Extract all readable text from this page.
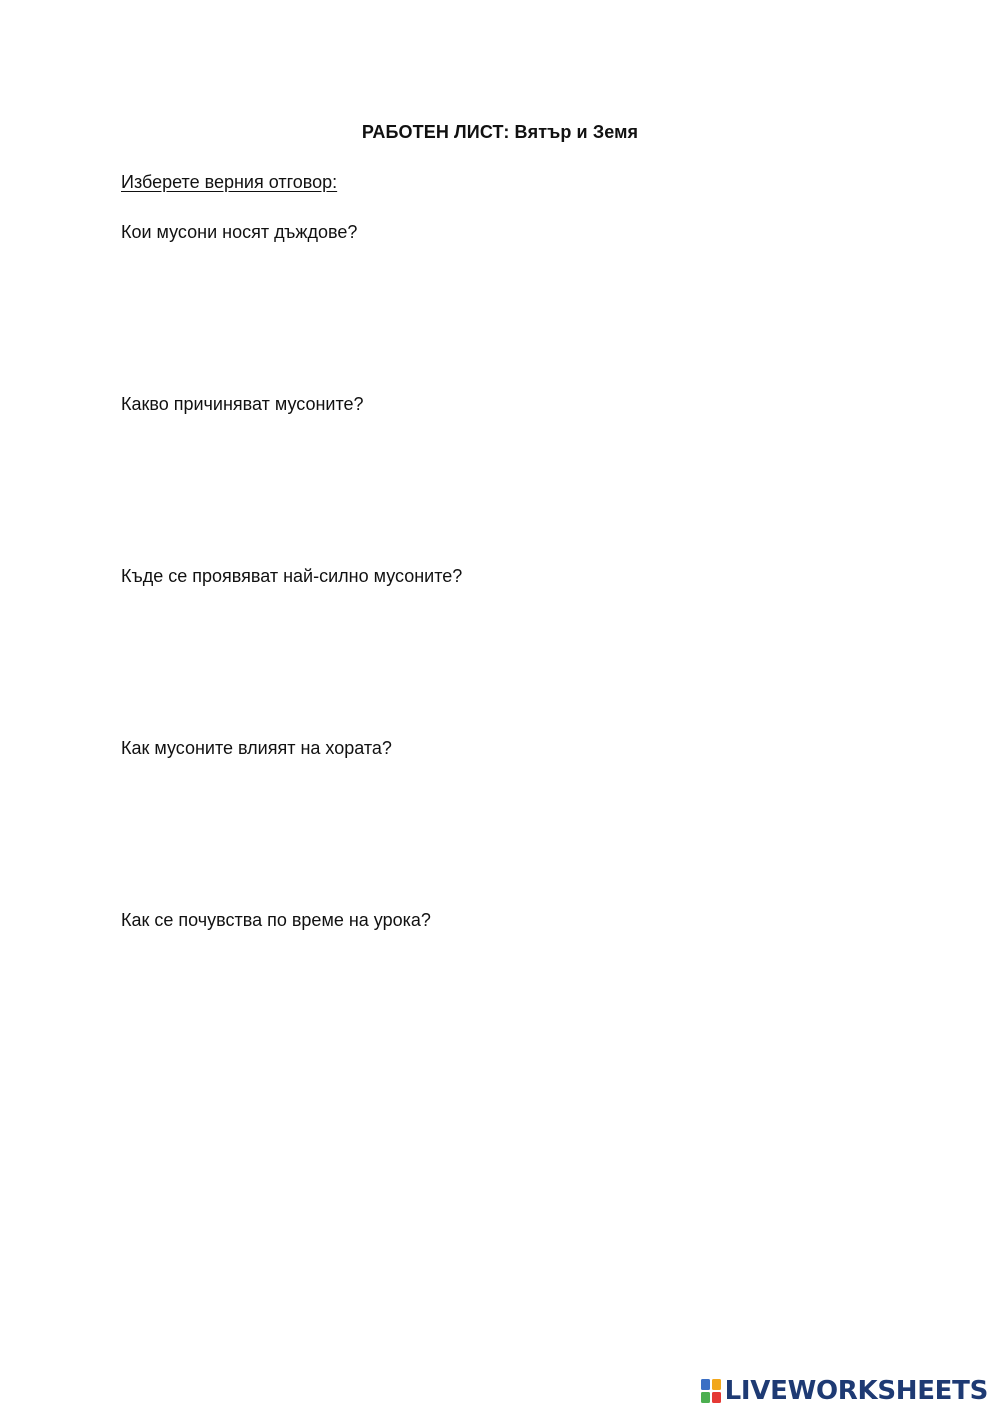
РАБОТЕН ЛИСТ: Вятър и Земя
Изберете верния отговор:
Кои мусони носят дъждове?
Какво причиняват мусоните?
Къде се проявяват най-силно мусоните?
Как мусоните влияят на хората?
Как се почувства по време на урока?
LIVEWORKSHEETS
